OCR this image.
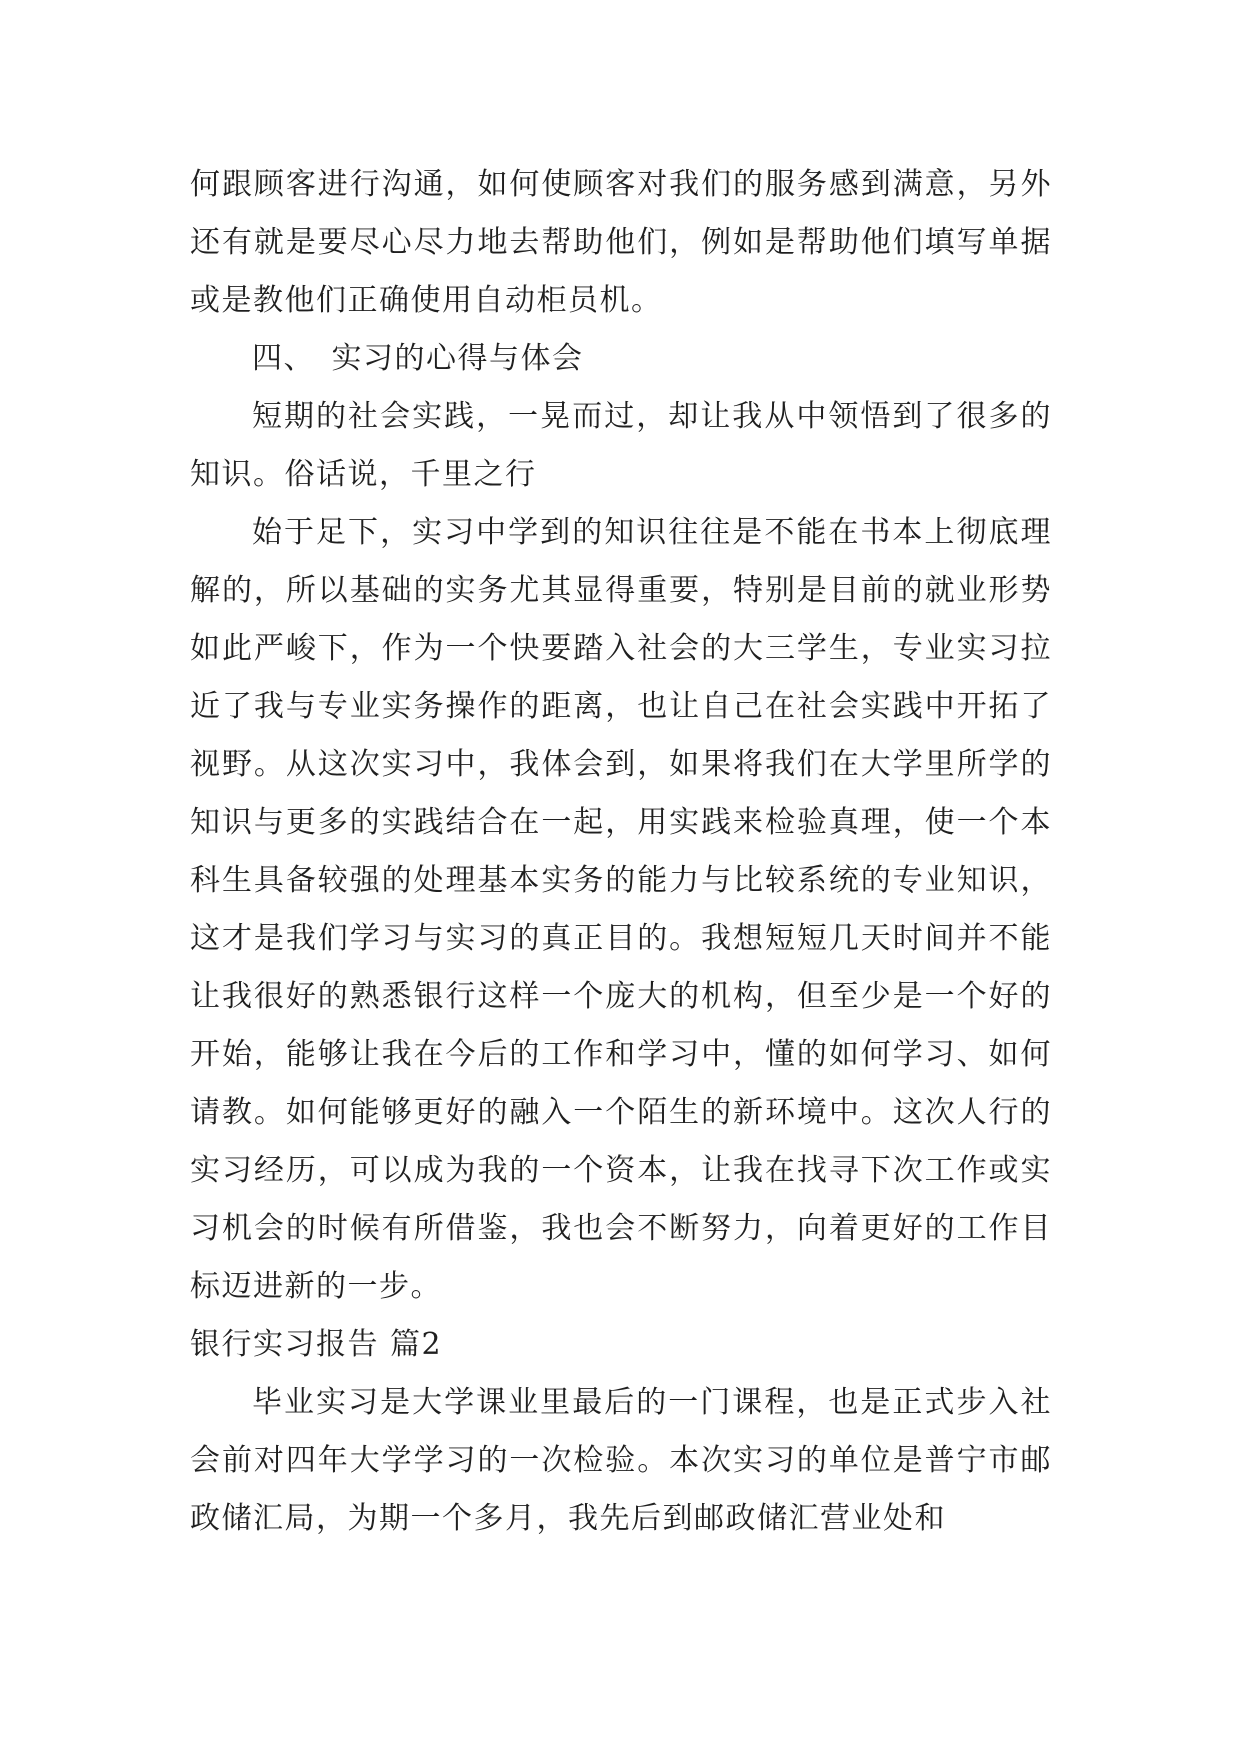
何跟顾客进行沟通，如何使顾客对我们的服务感到满意，另外还有就是要尽心尽力地去帮助他们，例如是帮助他们填写单据或是教他们正确使用自动柜员机。

四、　实习的心得与体会

短期的社会实践，一晃而过，却让我从中领悟到了很多的知识。俗话说，千里之行

始于足下，实习中学到的知识往往是不能在书本上彻底理解的，所以基础的实务尤其显得重要，特别是目前的就业形势如此严峻下，作为一个快要踏入社会的大三学生，专业实习拉近了我与专业实务操作的距离，也让自己在社会实践中开拓了视野。从这次实习中，我体会到，如果将我们在大学里所学的知识与更多的实践结合在一起，用实践来检验真理，使一个本科生具备较强的处理基本实务的能力与比较系统的专业知识，这才是我们学习与实习的真正目的。我想短短几天时间并不能让我很好的熟悉银行这样一个庞大的机构，但至少是一个好的开始，能够让我在今后的工作和学习中，懂的如何学习、如何请教。如何能够更好的融入一个陌生的新环境中。这次人行的实习经历，可以成为我的一个资本，让我在找寻下次工作或实习机会的时候有所借鉴，我也会不断努力，向着更好的工作目标迈进新的一步。

银行实习报告 篇2

毕业实习是大学课业里最后的一门课程，也是正式步入社会前对四年大学学习的一次检验。本次实习的单位是普宁市邮政储汇局，为期一个多月，我先后到邮政储汇营业处和
